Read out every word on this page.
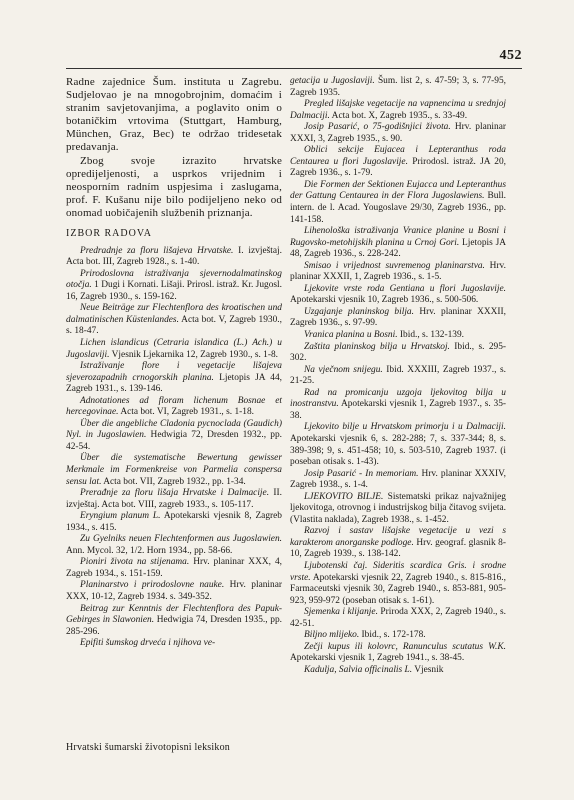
452

Radne zajednice Šum. instituta u Zagrebu. Sudjelovao je na mnogobrojnim, domaćim i stranim savjetovanjima, a poglavito onim o botaničkim vrtovima (Stuttgart, Hamburg, München, Graz, Bec) te održao tridesetak predavanja.

Zbog svoje izrazito hrvatske opredijeljenosti, a usprkos vrijednim i neosporním radním uspjesima i zaslugama, prof. F. Kušanu nije bilo podijeljeno neko od onomad uobičajenih službenih priznanja.

IZBOR RADOVA

Predradnje za floru lišajeva Hrvatske. I. izvještaj. Acta bot. III, Zagreb 1928., s. 1-40.

Prirodoslovna istraživanja sjevernodalmatinskog otočja. 1 Dugi i Kornati. Lišaji. Prirosl. istraž. Kr. Jugosl. 16, Zagreb 1930., s. 159-162.

Neue Beiträge zur Flechtenflora des kroatischen und dalmatinischen Küstenlandes. Acta bot. V, Zagreb 1930., s. 18-47.

Lichen islandicus (Cetraria islandica (L.) Ach.) u Jugoslaviji. Vjesnik Ljekarnika 12, Zagreb 1930., s. 1-8.

Istraživanje flore i vegetacije lišajeva sjeverozapadnih crnogorskih planina. Ljetopis JA 44, Zagreb 1931., s. 139-146.

Adnotationes ad floram lichenum Bosnae et hercegovinae. Acta bot. VI, Zagreb 1931., s. 1-18.

Über die angebliche Cladonia pycnoclada (Gaudich) Nyl. in Jugoslawien. Hedwigia 72, Dresden 1932., pp. 42-54.

Über die systematische Bewertung gewisser Merkmale im Formenkreise von Parmelia conspersa sensu lat. Acta bot. VII, Zagreb 1932., pp. 1-34.

Prerađnje za floru lišaja Hrvatske i Dalmacije. II. izvještaj. Acta bot. VIII, zagreb 1933., s. 105-117.

Eryngium planum L. Apotekarski vjesnik 8, Zagreb 1934., s. 415.

Zu Gyelniks neuen Flechtenformen aus Jugoslawien. Ann. Mycol. 32, 1/2. Horn 1934., pp. 58-66.

Pioniri života na stijenama. Hrv. planinar XXX, 4, Zagreb 1934., s. 151-159.

Planinarstvo i prirodoslovne nauke. Hrv. planinar XXX, 10-12, Zagreb 1934. s. 349-352.

Beitrag zur Kenntnis der Flechtenflora des Papuk-Gebirges in Slawonien. Hedwigia 74, Dresden 1935., pp. 285-296.

Epifiti šumskog drveća i njihova ve-

getacija u Jugoslaviji. Šum. list 2, s. 47-59; 3, s. 77-95, Zagreb 1935.

Pregled lišajske vegetacije na vapnencima u srednjoj Dalmaciji. Acta bot. X, Zagreb 1935., s. 33-49.

Josip Pasarić, o 75-godišnjici života. Hrv. planinar XXXI, 3, Zagreb 1935., s. 90.

Oblici sekcije Eujacea i Lepteranthus roda Centaurea u flori Jugoslavije. Prirodosl. istraž. JA 20, Zagreb 1936., s. 1-79.

Die Formen der Sektionen Eujacca und Lepteranthus der Gattung Centaurea in der Flora Jugoslawiens. Bull. intern. de l. Acad. Yougoslave 29/30, Zagreb 1936., pp. 141-158.

Lihenološka istraživanja Vranice planine u Bosni i Rugovsko-metohijskih planina u Crnoj Gori. Ljetopis JA 48, Zagreb 1936., s. 228-242.

Smisao i vrijednost suvremenog planinarstva. Hrv. planinar XXXII, 1, Zagreb 1936., s. 1-5.

Ljekovite vrste roda Gentiana u flori Jugoslavije. Apotekarski vjesnik 10, Zagreb 1936., s. 500-506.

Uzgajanje planinskog bilja. Hrv. planinar XXXII, Zagreb 1936., s. 97-99.

Vranica planina u Bosni. Ibid., s. 132-139.

Zaštita planinskog bilja u Hrvatskoj. Ibid., s. 295-302.

Na vječnom snijegu. Ibid. XXXIII, Zagreb 1937., s. 21-25.

Rad na promicanju uzgoja ljekovitog bilja u inostranstvu. Apotekarski vjesnik 1, Zagreb 1937., s. 35-38.

Ljekovito bilje u Hrvatskom primorju i u Dalmaciji. Apotekarski vjesnik 6, s. 282-288; 7, s. 337-344; 8, s. 389-398; 9, s. 451-458; 10, s. 503-510, Zagreb 1937. (i poseban otisak s. 1-43).

Josip Pasarić - In memoriam. Hrv. planinar XXXIV, Zagreb 1938., s. 1-4.

LJEKOVITO BILJE. Sistematski prikaz najvažnijeg ljekovitoga, otrovnog i industrijskog bilja čitavog svijeta. (Vlastita naklada), Zagreb 1938., s. 1-452.

Razvoj i sastav lišajske vegetacije u vezi s karakterom anorganske podloge. Hrv. geograf. glasnik 8-10, Zagreb 1939., s. 138-142.

Ljubotenski čaj. Sideritis scardica Gris. i srodne vrste. Apotekarski vjesnik 22, Zagreb 1940., s. 815-816., Farmaceutski vjesnik 30, Zagreb 1940., s. 853-881, 905-923, 959-972 (poseban otisak s. 1-61).

Sjemenka i klijanje. Priroda XXX, 2, Zagreb 1940., s. 42-51.

Biljno mlijeko. Ibid., s. 172-178.

Zečji kupus ili kolovrc, Ranunculus scutatus W.K. Apotekarski vjesnik 1, Zagreb 1941., s. 38-45.

Kadulja, Salvia officinalis L. Vjesnik

Hrvatski šumarski životopisni leksikon
